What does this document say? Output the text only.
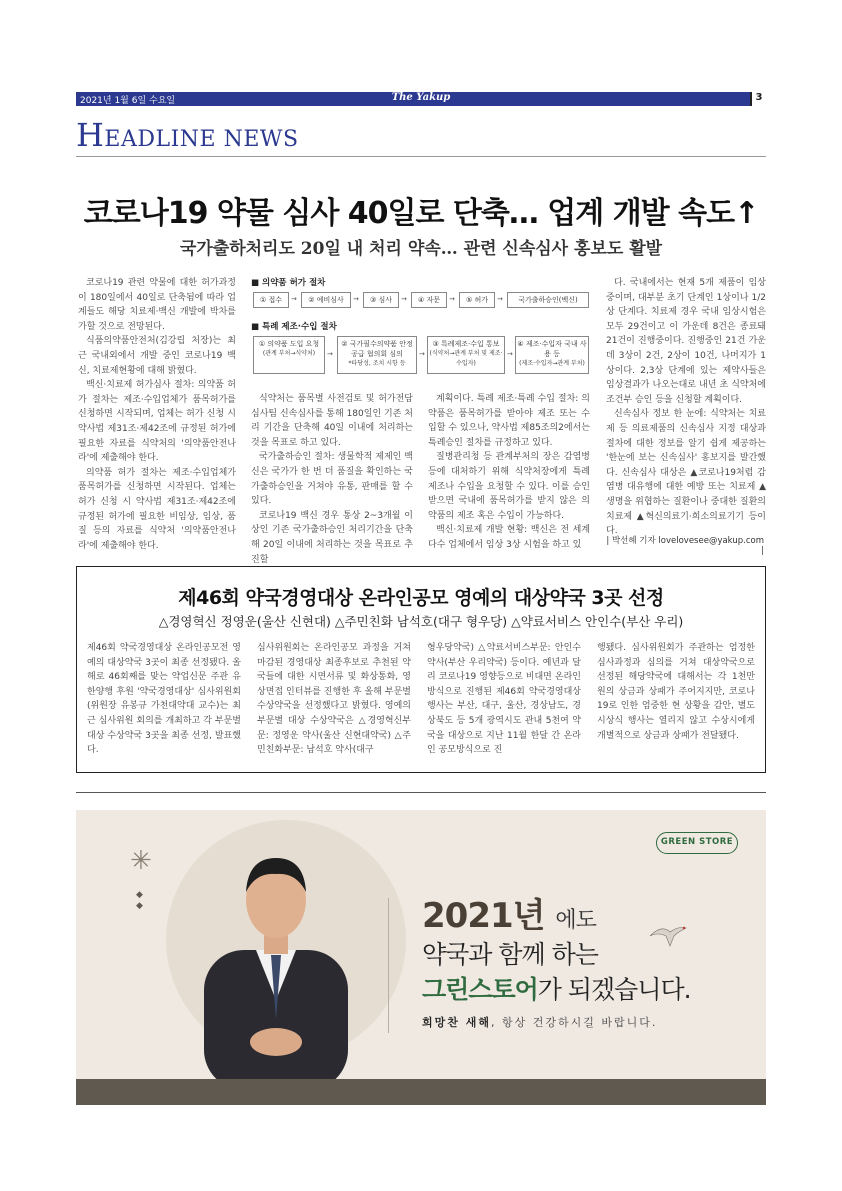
2021년 1월 6일 수요일	The Yakup	3
HEADLINE NEWS
코로나19 약물 심사 40일로 단축… 업계 개발 속도↑
국가출하처리도 20일 내 처리 약속… 관련 신속심사 홍보도 활발

코로나19 관련 약물에 대한 허가과정이 180일에서 40일로 단축됨에 따라 업계들도 해당 치료제·백신 개발에 박차를 가할 것으로 전망된다.

식품의약품안전처(김강립 처장)는 최근 국내외에서 개발 중인 코로나19 백신, 치료제현황에 대해 밝혔다.

백신·치료제 허가심사 절차: 의약품 허가 절차는 제조·수입업체가 품목허가를 신청하면 시작되며, 업체는 허가 신청 시 약사법 제31조·제42조에 규정된 허가에 필요한 자료를 식약처의 '의약품안전나라'에 제출해야 한다.

의약품 허가 절차는 제조·수입업체가 품목허가를 신청하면 시작된다. 업체는 허가 신청 시 약사법 제31조·제42조에 규정된 허가에 필요한 비임상, 임상, 품질 등의 자료를 식약처 '의약품안전나라'에 제출해야 한다.

■ 의약품 허가 절차
① 접수	→	② 예비심사	→	③ 심사	→	④ 자문	→	⑤ 허가	→	국가출하승인(백신)
■ 특례 제조·수입 절차
① 의약품 도입 요청
(관계 부처→식약처)	→
② 국가필수의약품 안정공급 협의회 심의
*타당성, 조치 시항 등
→
③ 특례제조·수입 통보
(식약처→관계 부처 및 제조·수입자)
→
④ 제조·수입자 국내 사용 등
(제조·수입자→관계 부처)

식약처는 품목별 사전검토 및 허가전담심사팀 신속심사를 통해 180일인 기존 처리 기간을 단축해 40일 이내에 처리하는 것을 목표로 하고 있다.

국가출하승인 절차: 생물학적 제제인 백신은 국가가 한 번 더 품질을 확인하는 국가출하승인을 거쳐야 유통, 판매를 할 수 있다.

코로나19 백신 경우 통상 2~3개월 이상인 기존 국가출하승인 처리기간을 단축해 20일 이내에 처리하는 것을 목표로 추진할

계획이다. 특례 제조·특례 수입 절차: 의약품은 품목허가를 받아야 제조 또는 수입할 수 있으나, 약사법 제85조의2에서는 특례승인 절차를 규정하고 있다.

질병관리청 등 관계부처의 장은 감염병 등에 대처하기 위해 식약처장에게 특례 제조나 수입을 요청할 수 있다. 이를 승인받으면 국내에 품목허가를 받지 않은 의약품의 제조 혹은 수입이 가능하다.

백신·치료제 개발 현황: 백신은 전 세계 다수 업체에서 임상 3상 시험을 하고 있

다. 국내에서는 현재 5개 제품이 임상 중이며, 대부분 초기 단계인 1상이나 1/2상 단계다. 치료제 경우 국내 임상시험은 모두 29건이고 이 가운데 8건은 종료돼 21건이 진행중이다. 진행중인 21건 가운데 3상이 2건, 2상이 10건, 나머지가 1상이다. 2,3상 단계에 있는 제약사들은 임상결과가 나오는대로 내년 초 식약처에 조건부 승인 등을 신청할 계획이다.

신속심사 정보 한 눈에: 식약처는 치료제 등 의료제품의 신속심사 지정 대상과 절차에 대한 정보를 알기 쉽게 제공하는 '한눈에 보는 신속심사' 홍보지를 발간했다. 신속심사 대상은 ▲코로나19처럼 감염병 대유행에 대한 예방 또는 치료제 ▲생명을 위협하는 질환이나 중대한 질환의 치료제 ▲혁신의료기·희소의료기기 등이다.

| 박선혜 기자 lovelovesee@yakup.com |
제46회 약국경영대상 온라인공모 영예의 대상약국 3곳 선정
△경영혁신 정영운(울산 신현대) △주민친화 남석호(대구 형우당) △약료서비스 안인수(부산 우리)
제46회 약국경영대상 온라인공모전 영예의 대상약국 3곳이 최종 선정됐다. 올해로 46회째를 맞는 약업신문 주관 유한양행 후원 '약국경영대상' 심사위원회(위원장 유봉규 가천대약대 교수)는 최근 심사위원 회의를 개최하고 각 부문별 대상 수상약국 3곳을 최종 선정, 발표했다.
심사위원회는 온라인공모 과정을 거쳐 마감된 경영대상 최종후보로 추천된 약국들에 대한 시면서류 및 화상통화, 영상면접 인터뷰를 진행한 후 올해 부문별 수상약국을 선정했다고 밝혔다. 영예의 부문별 대상 수상약국은 △경영혁신부문: 정영운 약사(울산 신현대약국) △주민친화부문: 남석호 약사(대구
형우당약국) △약료서비스부문: 안인수 약사(부산 우리약국) 등이다. 예년과 달리 코로나19 영향등으로 비대면 온라인방식으로 진행된 제46회 약국경영대상 행사는 부산, 대구, 울산, 경상남도, 경상북도 등 5개 광역시도 관내 5천여 약국을 대상으로 지난 11월 한달 간 온라인 공모방식으로 진
행됐다. 심사위원회가 주관하는 엄정한 심사과정과 심의를 거쳐 대상약국으로 선정된 해당약국에 대해서는 각 1천만 원의 상금과 상패가 주어지지만, 코로나19로 인한 엄중한 현 상황을 감안, 별도 시상식 행사는 열리지 않고 수상시에게 개별적으로 상금과 상패가 전달됐다.
✳
◆
◆
GREEN STORE
2021년 에도
약국과 함께 하는
그린스토어가 되겠습니다.
희망찬 새해, 항상 건강하시길 바랍니다.
